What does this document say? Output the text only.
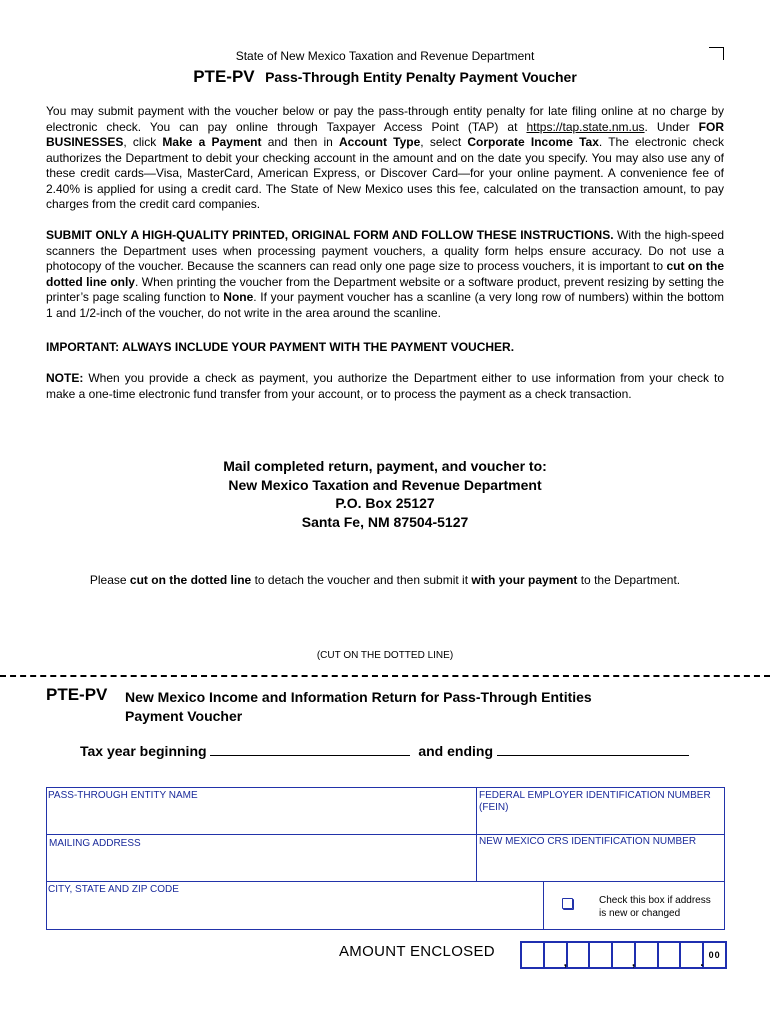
State of New Mexico Taxation and Revenue Department
PTE-PV Pass-Through Entity Penalty Payment Voucher
You may submit payment with the voucher below or pay the pass-through entity penalty for late filing online at no charge by electronic check. You can pay online through Taxpayer Access Point (TAP) at https://tap.state.nm.us. Under FOR BUSINESSES, click Make a Payment and then in Account Type, select Corporate Income Tax. The electronic check authorizes the Department to debit your checking account in the amount and on the date you specify. You may also use any of these credit cards—Visa, MasterCard, American Express, or Discover Card—for your online payment. A convenience fee of 2.40% is applied for using a credit card. The State of New Mexico uses this fee, calculated on the transaction amount, to pay charges from the credit card companies.
SUBMIT ONLY A HIGH-QUALITY PRINTED, ORIGINAL FORM AND FOLLOW THESE INSTRUCTIONS. With the high-speed scanners the Department uses when processing payment vouchers, a quality form helps ensure accuracy. Do not use a photocopy of the voucher. Because the scanners can read only one page size to process vouchers, it is important to cut on the dotted line only. When printing the voucher from the Department website or a software product, prevent resizing by setting the printer’s page scaling function to None. If your payment voucher has a scanline (a very long row of numbers) within the bottom 1 and 1/2-inch of the voucher, do not write in the area around the scanline.
IMPORTANT: ALWAYS INCLUDE YOUR PAYMENT WITH THE PAYMENT VOUCHER.
NOTE: When you provide a check as payment, you authorize the Department either to use information from your check to make a one-time electronic fund transfer from your account, or to process the payment as a check transaction.
Mail completed return, payment, and voucher to:
New Mexico Taxation and Revenue Department
P.O. Box 25127
Santa Fe, NM 87504-5127
Please cut on the dotted line to detach the voucher and then submit it with your payment to the Department.
(CUT ON THE DOTTED LINE)
PTE-PV New Mexico Income and Information Return for Pass-Through Entities
Payment Voucher
Tax year beginning	and ending
PASS-THROUGH ENTITY NAME	FEDERAL EMPLOYER IDENTIFICATION NUMBER
(FEIN)
MAILING ADDRESS	NEW MEXICO CRS IDENTIFICATION NUMBER
CITY, STATE AND ZIP CODE
Check this box if address
is new or changed
AMOUNT ENCLOSED
,	,	. 00
